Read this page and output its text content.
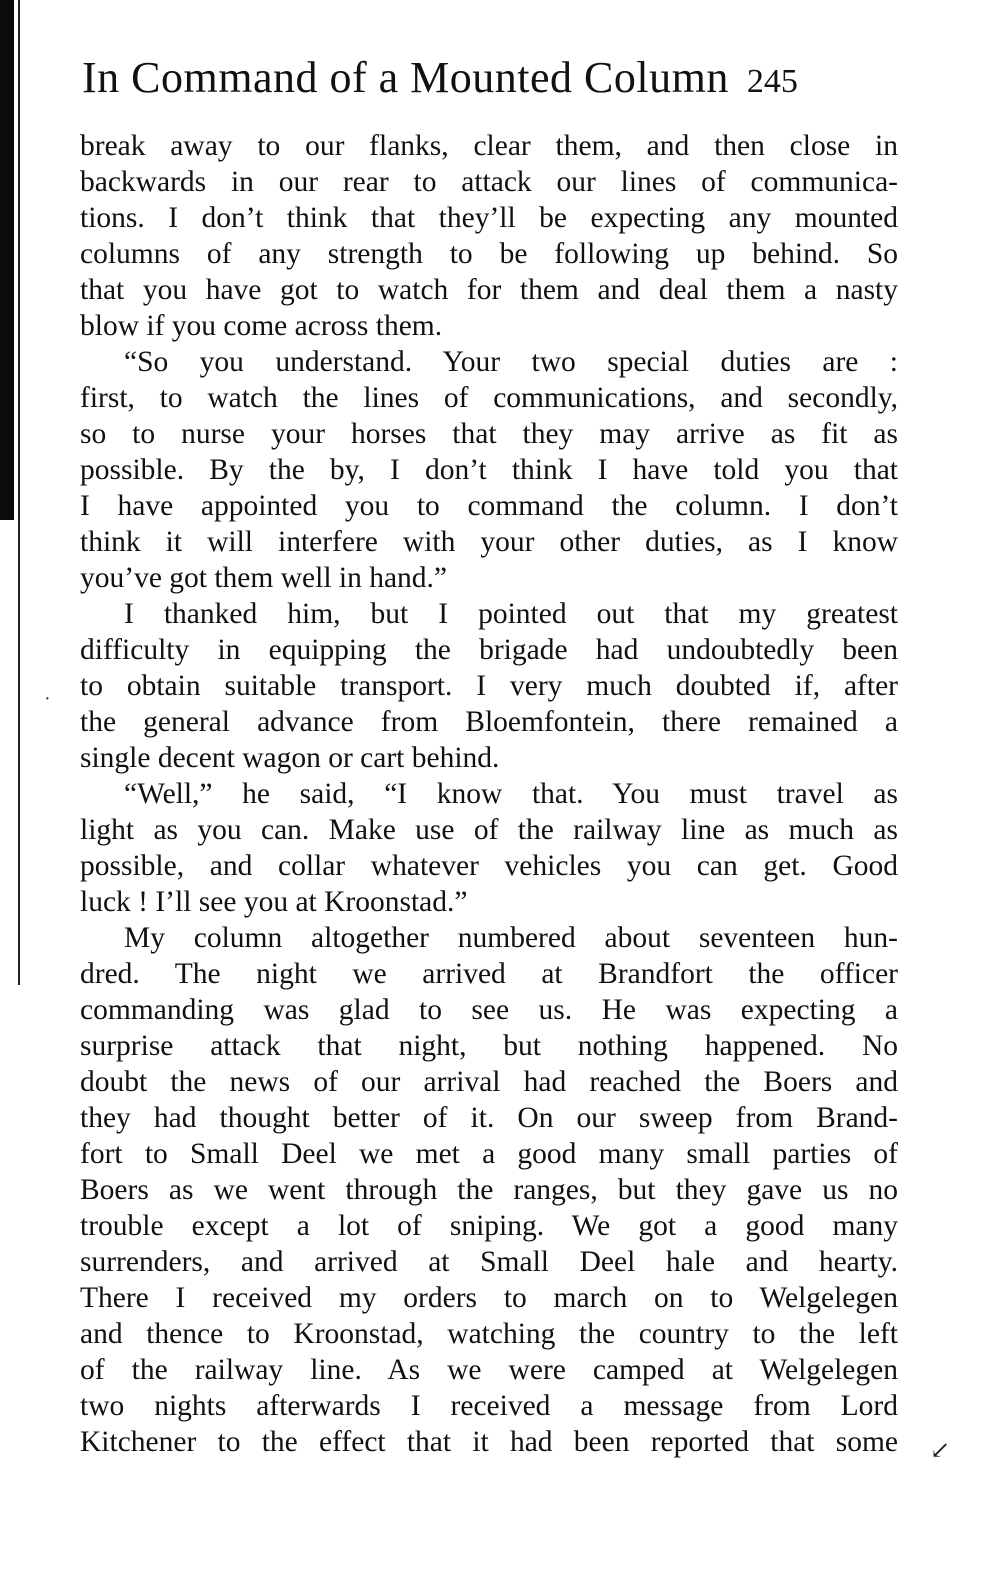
In Command of a Mounted Column 245
break away to our flanks, clear them, and then close in
backwards in our rear to attack our lines of communica-
tions. I don’t think that they’ll be expecting any mounted
columns of any strength to be following up behind. So
that you have got to watch for them and deal them a nasty
blow if you come across them.
“So you understand. Your two special duties are :
first, to watch the lines of communications, and secondly,
so to nurse your horses that they may arrive as fit as
possible. By the by, I don’t think I have told you that
I have appointed you to command the column. I don’t
think it will interfere with your other duties, as I know
you’ve got them well in hand.”
I thanked him, but I pointed out that my greatest
difficulty in equipping the brigade had undoubtedly been
to obtain suitable transport. I very much doubted if, after
the general advance from Bloemfontein, there remained a
single decent wagon or cart behind.
“Well,” he said, “I know that. You must travel as
light as you can. Make use of the railway line as much as
possible, and collar whatever vehicles you can get. Good
luck ! I’ll see you at Kroonstad.”
My column altogether numbered about seventeen hun-
dred. The night we arrived at Brandfort the officer
commanding was glad to see us. He was expecting a
surprise attack that night, but nothing happened. No
doubt the news of our arrival had reached the Boers and
they had thought better of it. On our sweep from Brand-
fort to Small Deel we met a good many small parties of
Boers as we went through the ranges, but they gave us no
trouble except a lot of sniping. We got a good many
surrenders, and arrived at Small Deel hale and hearty.
There I received my orders to march on to Welgelegen
and thence to Kroonstad, watching the country to the left
of the railway line. As we were camped at Welgelegen
two nights afterwards I received a message from Lord
Kitchener to the effect that it had been reported that some
·
↙
